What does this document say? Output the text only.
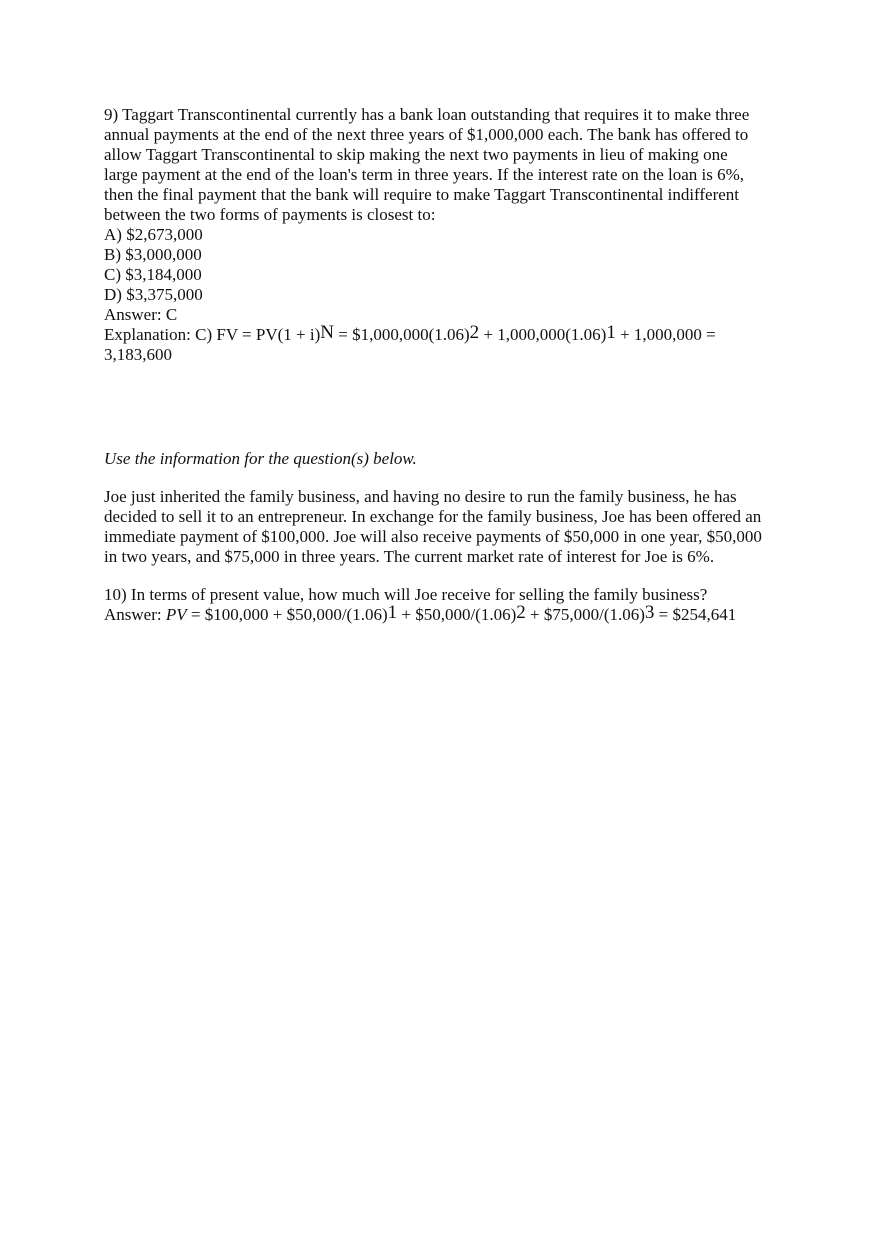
9) Taggart Transcontinental currently has a bank loan outstanding that requires it to make three
annual payments at the end of the next three years of $1,000,000 each. The bank has offered to
allow Taggart Transcontinental to skip making the next two payments in lieu of making one
large payment at the end of the loan's term in three years. If the interest rate on the loan is 6%,
then the final payment that the bank will require to make Taggart Transcontinental indifferent
between the two forms of payments is closest to:
A) $2,673,000
B) $3,000,000
C) $3,184,000
D) $3,375,000
Answer: C
Explanation: C) FV = PV(1 + i)N = $1,000,000(1.06)2 + 1,000,000(1.06)1 + 1,000,000 =
3,183,600
Use the information for the question(s) below.
Joe just inherited the family business, and having no desire to run the family business, he has
decided to sell it to an entrepreneur. In exchange for the family business, Joe has been offered an
immediate payment of $100,000. Joe will also receive payments of $50,000 in one year, $50,000
in two years, and $75,000 in three years. The current market rate of interest for Joe is 6%.
10) In terms of present value, how much will Joe receive for selling the family business?
Answer: PV = $100,000 + $50,000/(1.06)1 + $50,000/(1.06)2 + $75,000/(1.06)3 = $254,641
